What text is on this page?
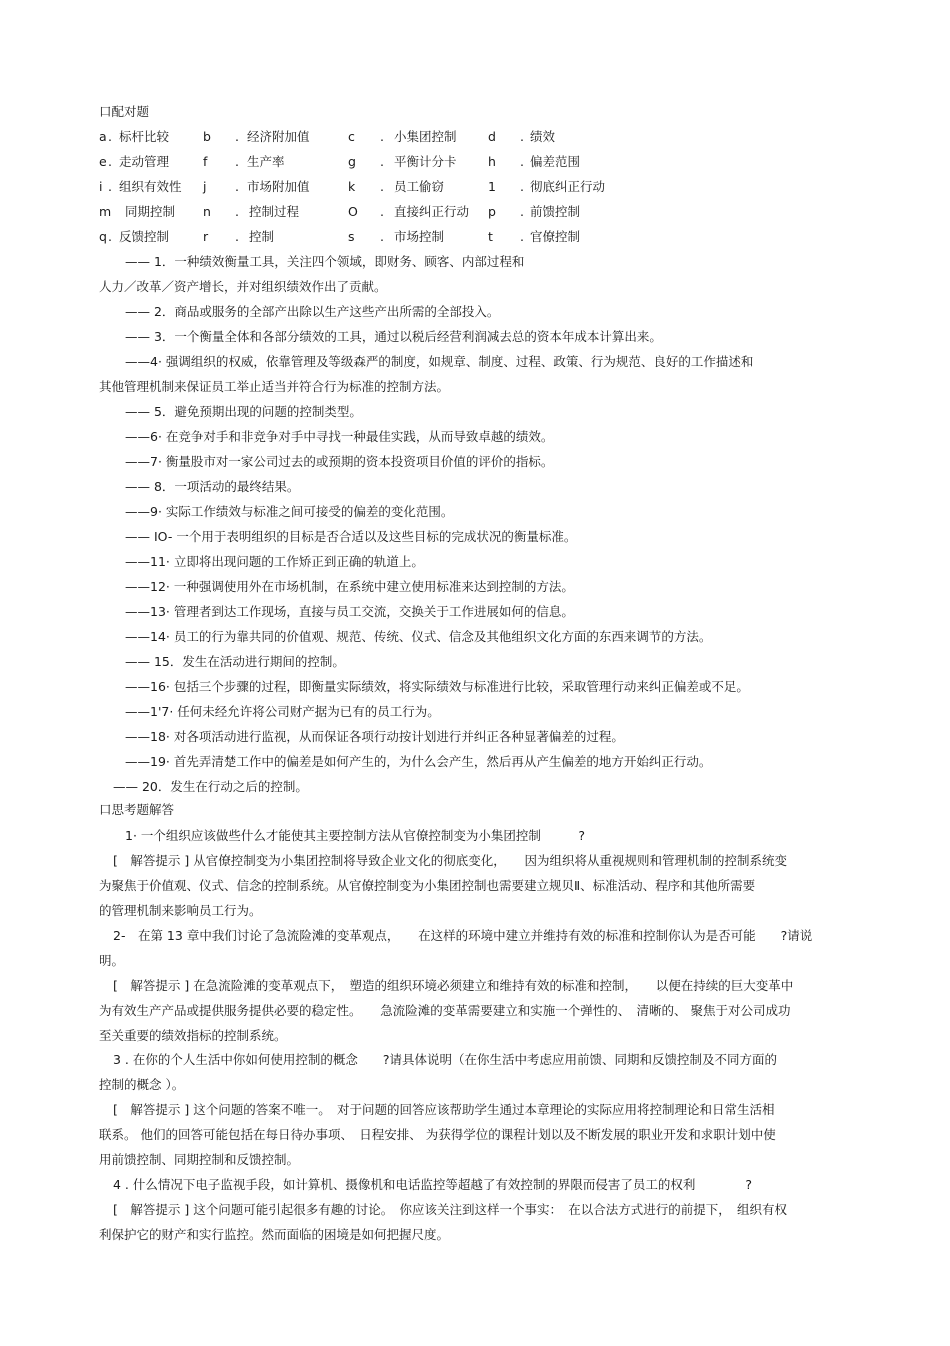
口配对题
a . 标杆比较	b . 经济附加值	c . 小集团控制	d . 绩效
e . 走动管理	f . 生产率	g . 平衡计分卡	h . 偏差范围
i . 组织有效性 j . 市场附加值	k . 员工偷窃	1 . 彻底纠正行动
m 同期控制 n . 控制过程	O . 直接纠正行动 p . 前馈控制
q . 反馈控制	r . 控制	s . 市场控制	t . 官僚控制
—— 1．一种绩效衡量工具，关注四个领域，即财务、顾客、内部过程和
人力／改革／资产增长，并对组织绩效作出了贡献。
—— 2．商品或服务的全部产出除以生产这些产出所需的全部投入。
—— 3．一个衡量全体和各部分绩效的工具，通过以税后经营利润减去总的资本年成本计算出来。
——4· 强调组织的权威，依靠管理及等级森严的制度，如规章、制度、过程、政策、行为规范、良好的工作描述和
其他管理机制来保证员工举止适当并符合行为标准的控制方法。
—— 5．避免预期出现的问题的控制类型。
——6· 在竞争对手和非竞争对手中寻找一种最佳实践，从而导致卓越的绩效。
——7· 衡量股市对一家公司过去的或预期的资本投资项目价值的评价的指标。
—— 8．一项活动的最终结果。
——9· 实际工作绩效与标准之间可接受的偏差的变化范围。
—— IO- 一个用于表明组织的目标是否合适以及这些目标的完成状况的衡量标准。
——11· 立即将出现问题的工作矫正到正确的轨道上。
——12· 一种强调使用外在市场机制，在系统中建立使用标准来达到控制的方法。
——13· 管理者到达工作现场，直接与员工交流，交换关于工作进展如何的信息。
——14· 员工的行为靠共同的价值观、规范、传统、仪式、信念及其他组织文化方面的东西来调节的方法。
—— 15．发生在活动进行期间的控制。
——16· 包括三个步骤的过程，即衡量实际绩效，将实际绩效与标准进行比较，采取管理行动来纠正偏差或不足。
——1'7· 任何未经允许将公司财产据为已有的员工行为。
——18· 对各项活动进行监视，从而保证各项行动按计划进行并纠正各种显著偏差的过程。
——19· 首先弄清楚工作中的偏差是如何产生的，为什么会产生，然后再从产生偏差的地方开始纠正行动。
—— 20．发生在行动之后的控制。
口思考题解答
1· 一个组织应该做些什么才能使其主要控制方法从官僚控制变为小集团控制　　　?
[　解答提示 ] 从官僚控制变为小集团控制将导致企业文化的彻底变化，　　因为组织将从重视规则和管理机制的控制系统变
为聚焦于价值观、仪式、信念的控制系统。从官僚控制变为小集团控制也需要建立规贝Ⅱ、标准活动、程序和其他所需要
的管理机制来影响员工行为。
2-　在第 13 章中我们讨论了急流险滩的变革观点，　　在这样的环境中建立并维持有效的标准和控制你认为是否可能　　?请说
明。
[　解答提示 ] 在急流险滩的变革观点下，　塑造的组织环境必须建立和维持有效的标准和控制，　　以便在持续的巨大变革中
为有效生产产品或提供服务提供必要的稳定性。　　急流险滩的变革需要建立和实施一个弹性的、　清晰的、 聚焦于对公司成功
至关重要的绩效指标的控制系统。
3 . 在你的个人生活中你如何使用控制的概念　　?请具体说明（在你生活中考虑应用前馈、同期和反馈控制及不同方面的
控制的概念 ）。
[　解答提示 ] 这个问题的答案不唯一。　对于问题的回答应该帮助学生通过本章理论的实际应用将控制理论和日常生活相
联系。 他们的回答可能包括在每日待办事项、　日程安排、 为获得学位的课程计划以及不断发展的职业开发和求职计划中使
用前馈控制、同期控制和反馈控制。
4 . 什么情况下电子监视手段，如计算机、摄像机和电话监控等超越了有效控制的界限而侵害了员工的权利　　　　?
[　解答提示 ] 这个问题可能引起很多有趣的讨论。　你应该关注到这样一个事实：　在以合法方式进行的前提下，　组织有权
利保护它的财产和实行监控。然而面临的困境是如何把握尺度。
